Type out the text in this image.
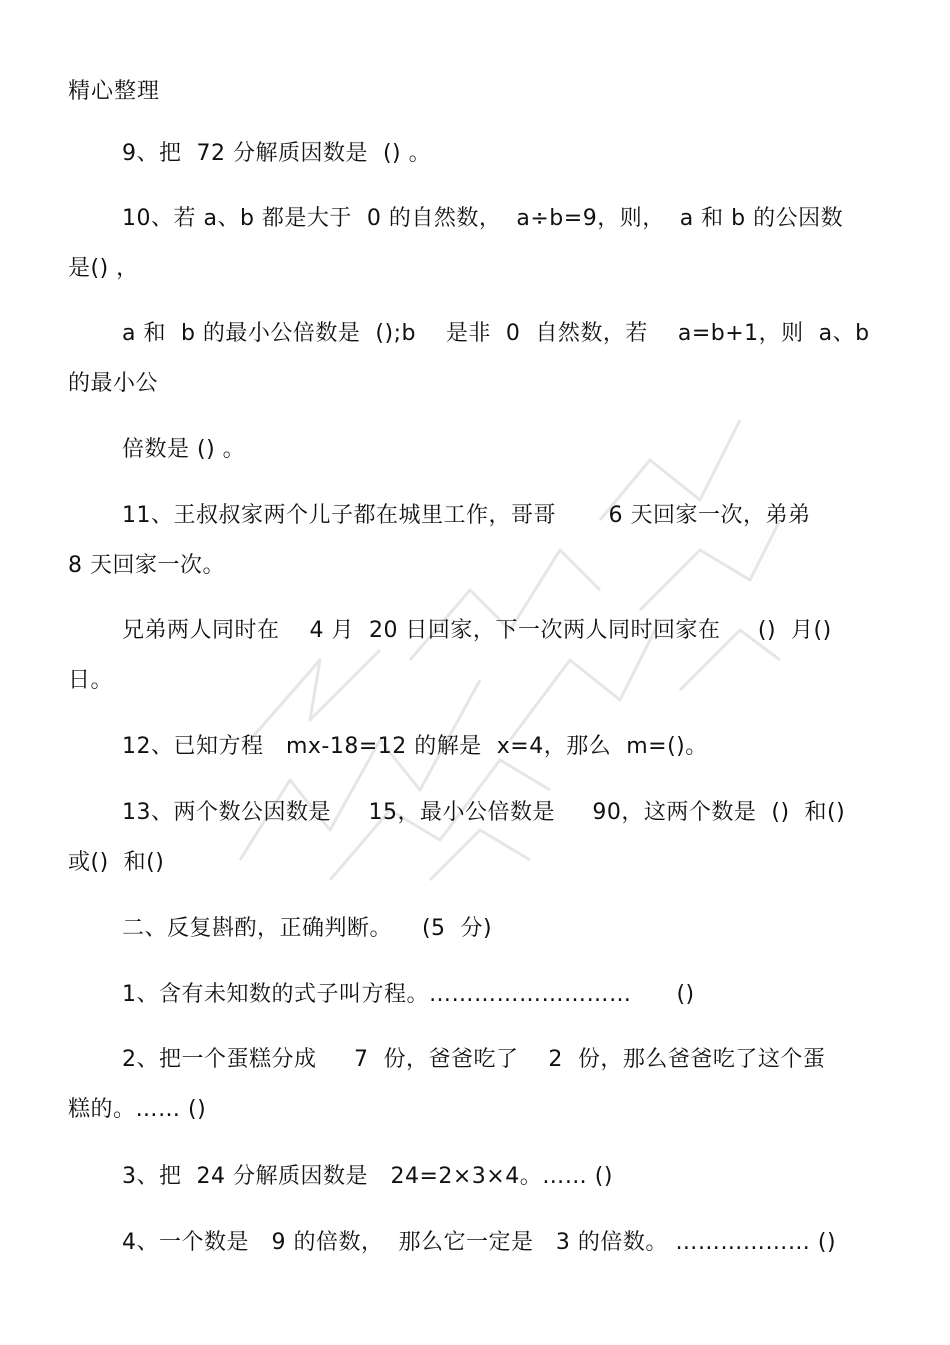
精心整理
9、把  72 分解质因数是  () 。
10、若 a、b 都是大于  0 的自然数，  a÷b=9，则，  a 和 b 的公因数
是() ，
a 和  b 的最小公倍数是  ();b    是非  0  自然数，若    a=b+1，则  a、b
的最小公
倍数是 () 。
11、王叔叔家两个儿子都在城里工作，哥哥       6 天回家一次，弟弟
8 天回家一次。
兄弟两人同时在    4 月  20 日回家，下一次两人同时回家在     ()  月()
日。
12、已知方程   mx-18=12 的解是  x=4，那么  m=()。
13、两个数公因数是     15，最小公倍数是     90，这两个数是  ()  和()
或()  和()
二、反复斟酌，正确判断。    (5  分)
1、含有未知数的式子叫方程。………………………      ()
2、把一个蛋糕分成     7  份，爸爸吃了    2  份，那么爸爸吃了这个蛋
糕的。…… ()
3、把  24 分解质因数是   24=2×3×4。…… ()
4、一个数是   9 的倍数，  那么它一定是   3 的倍数。 ……………… ()
